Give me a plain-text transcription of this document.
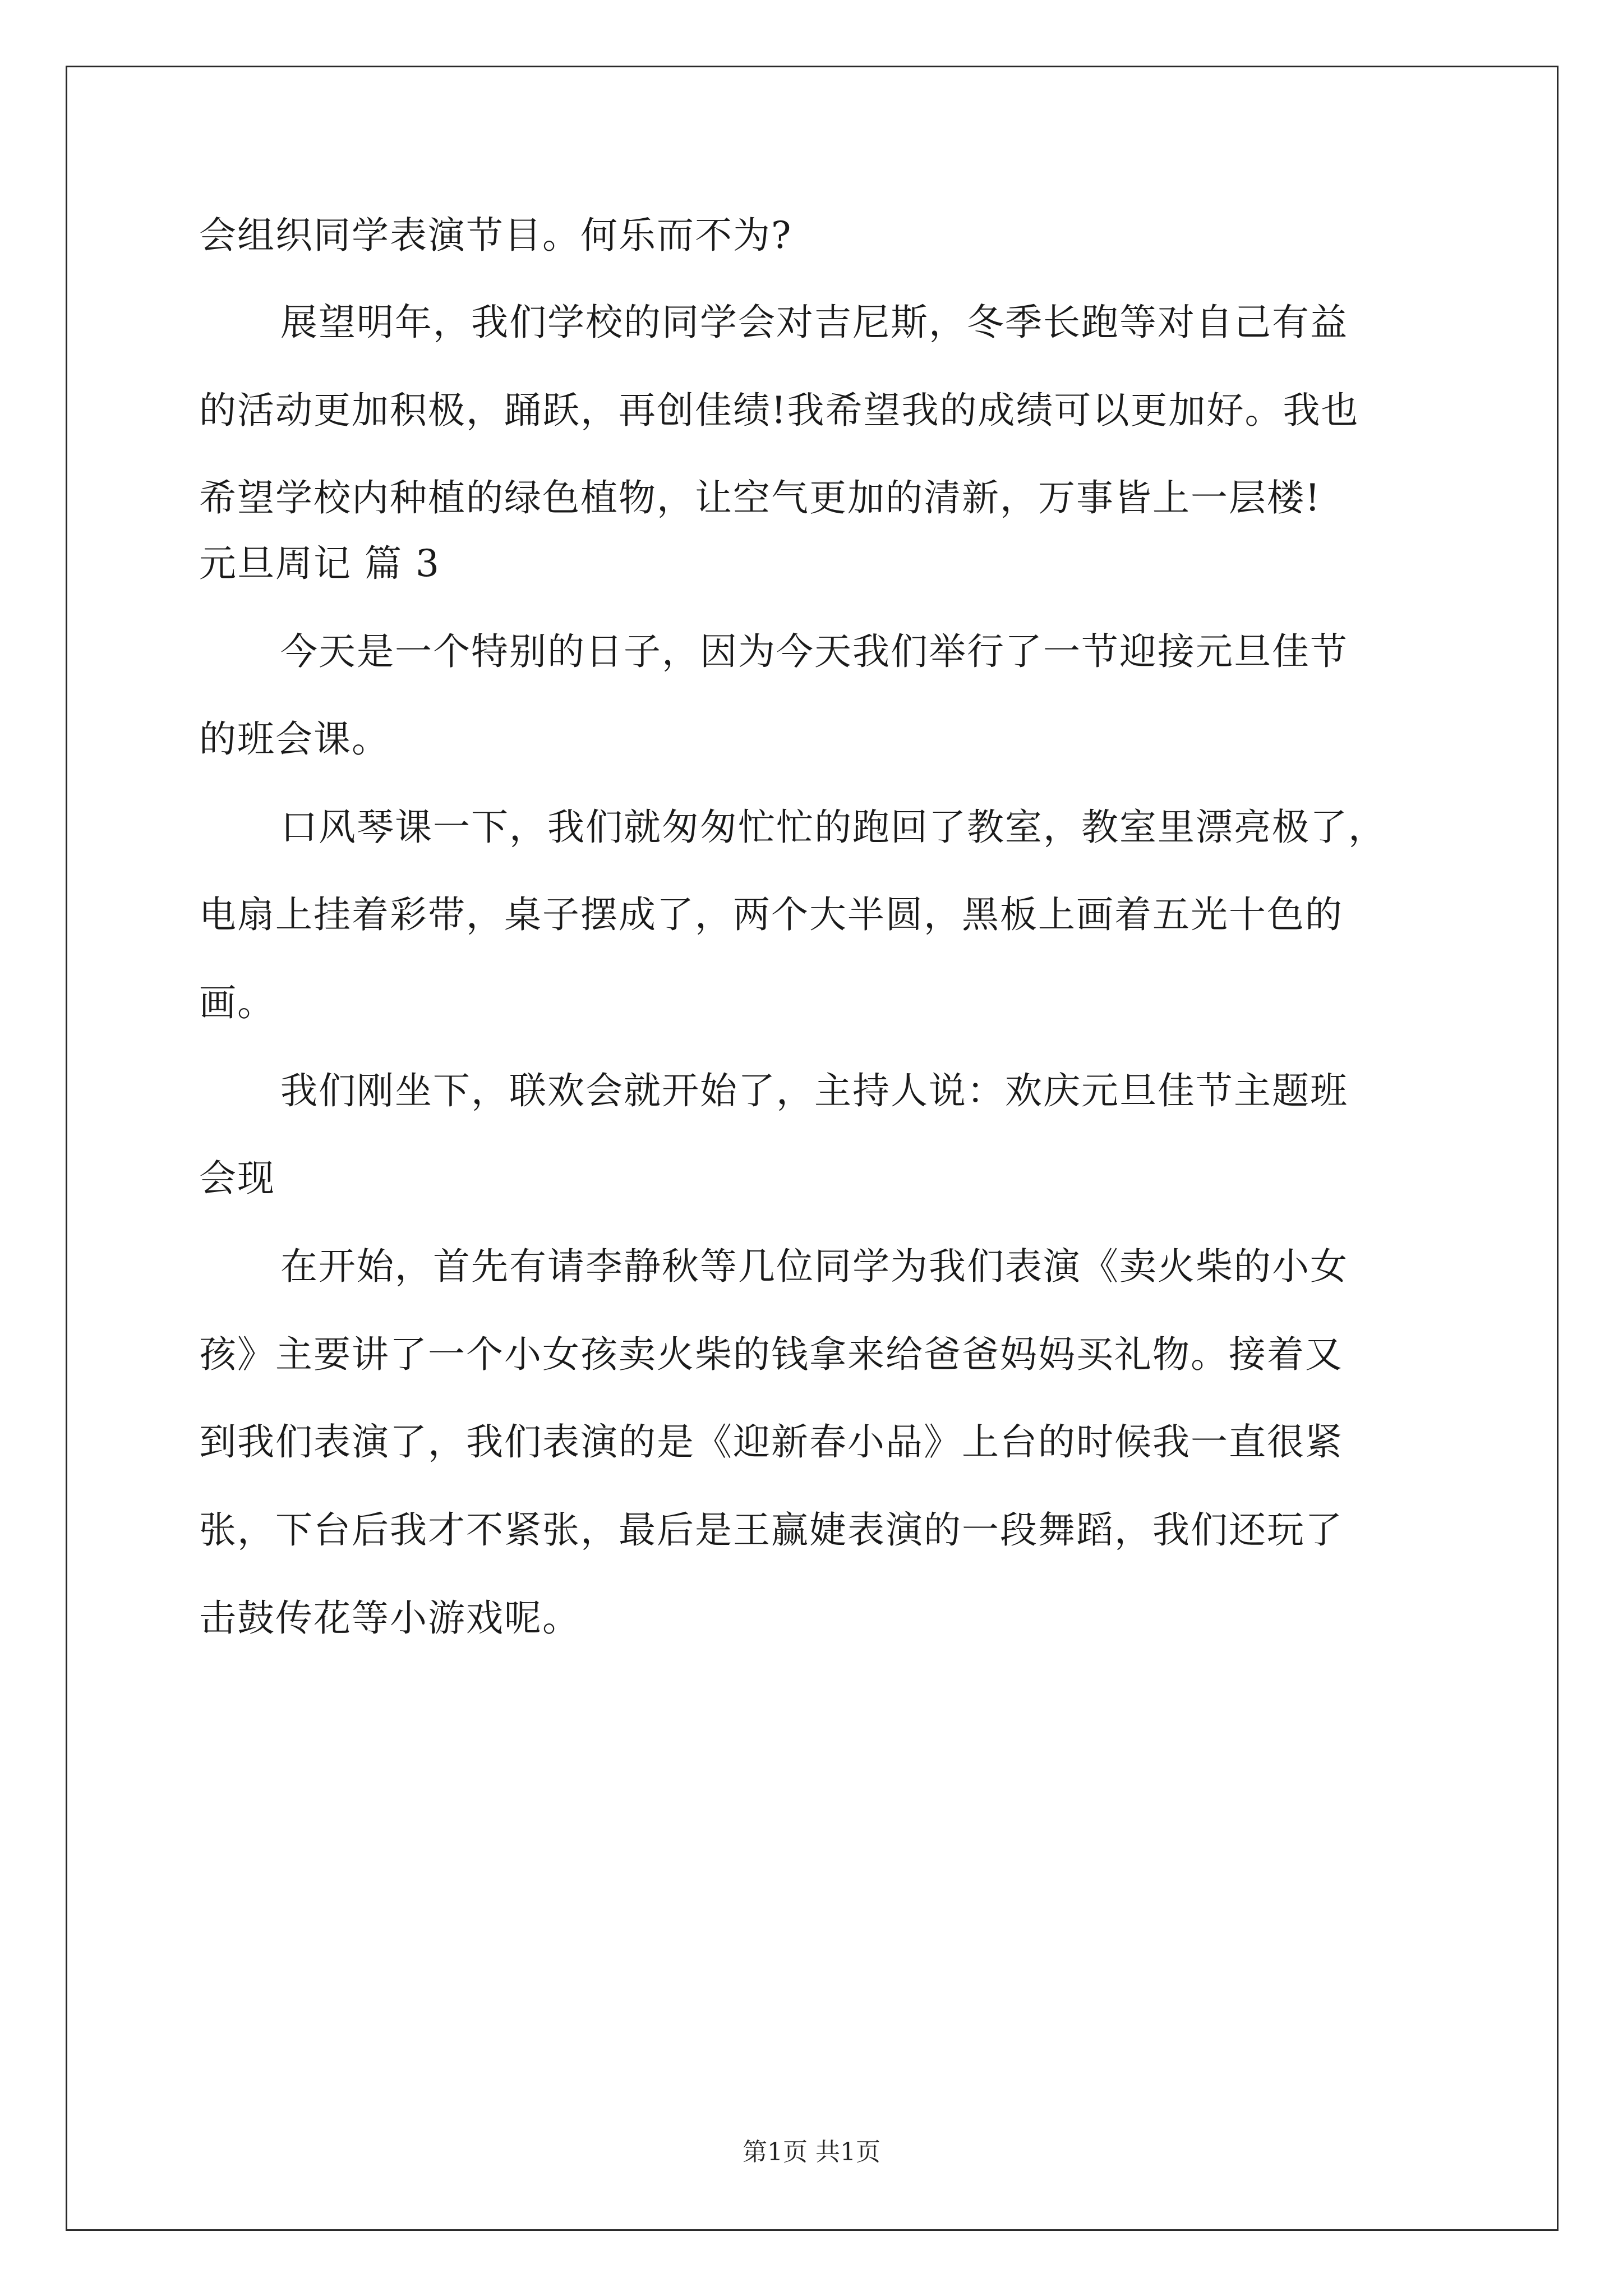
会组织同学表演节目。何乐而不为?
展望明年，我们学校的同学会对吉尼斯，冬季长跑等对自己有益
的活动更加积极，踊跃，再创佳绩!我希望我的成绩可以更加好。我也
希望学校内种植的绿色植物，让空气更加的清新，万事皆上一层楼!
元旦周记 篇 3
今天是一个特别的日子，因为今天我们举行了一节迎接元旦佳节
的班会课。
口风琴课一下，我们就匆匆忙忙的跑回了教室，教室里漂亮极了，
电扇上挂着彩带，桌子摆成了，两个大半圆，黑板上画着五光十色的
画。
我们刚坐下，联欢会就开始了，主持人说：欢庆元旦佳节主题班
会现
在开始，首先有请李静秋等几位同学为我们表演《卖火柴的小女
孩》主要讲了一个小女孩卖火柴的钱拿来给爸爸妈妈买礼物。接着又
到我们表演了，我们表演的是《迎新春小品》上台的时候我一直很紧
张，下台后我才不紧张，最后是王赢婕表演的一段舞蹈，我们还玩了
击鼓传花等小游戏呢。
第1页 共1页
